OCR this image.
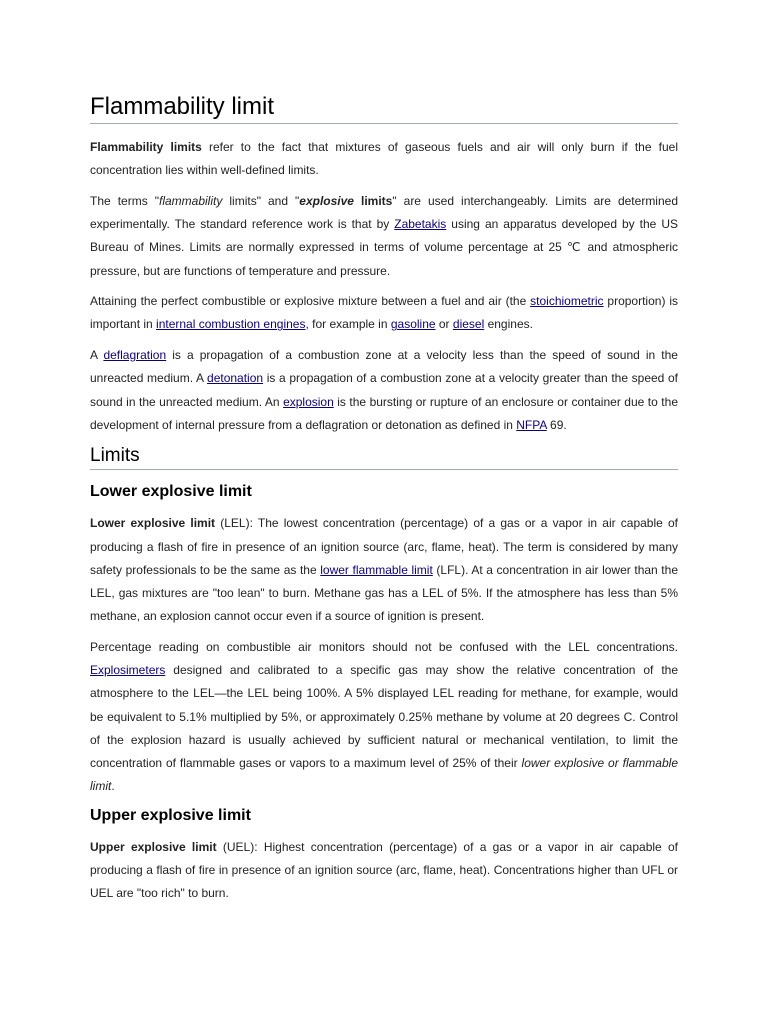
Flammability limit

Flammability limits refer to the fact that mixtures of gaseous fuels and air will only burn if the fuel concentration lies within well-defined limits.

The terms "flammability limits" and "explosive limits" are used interchangeably. Limits are determined experimentally. The standard reference work is that by Zabetakis using an apparatus developed by the US Bureau of Mines. Limits are normally expressed in terms of volume percentage at 25 ℃ and atmospheric pressure, but are functions of temperature and pressure.

Attaining the perfect combustible or explosive mixture between a fuel and air (the stoichiometric proportion) is important in internal combustion engines, for example in gasoline or diesel engines.

A deflagration is a propagation of a combustion zone at a velocity less than the speed of sound in the unreacted medium. A detonation is a propagation of a combustion zone at a velocity greater than the speed of sound in the unreacted medium. An explosion is the bursting or rupture of an enclosure or container due to the development of internal pressure from a deflagration or detonation as defined in NFPA 69.

Limits
Lower explosive limit

Lower explosive limit (LEL): The lowest concentration (percentage) of a gas or a vapor in air capable of producing a flash of fire in presence of an ignition source (arc, flame, heat). The term is considered by many safety professionals to be the same as the lower flammable limit (LFL). At a concentration in air lower than the LEL, gas mixtures are "too lean" to burn. Methane gas has a LEL of 5%. If the atmosphere has less than 5% methane, an explosion cannot occur even if a source of ignition is present.

Percentage reading on combustible air monitors should not be confused with the LEL concentrations. Explosimeters designed and calibrated to a specific gas may show the relative concentration of the atmosphere to the LEL—the LEL being 100%. A 5% displayed LEL reading for methane, for example, would be equivalent to 5.1% multiplied by 5%, or approximately 0.25% methane by volume at 20 degrees C. Control of the explosion hazard is usually achieved by sufficient natural or mechanical ventilation, to limit the concentration of flammable gases or vapors to a maximum level of 25% of their lower explosive or flammable limit.

Upper explosive limit

Upper explosive limit (UEL): Highest concentration (percentage) of a gas or a vapor in air capable of producing a flash of fire in presence of an ignition source (arc, flame, heat). Concentrations higher than UFL or UEL are "too rich" to burn.
